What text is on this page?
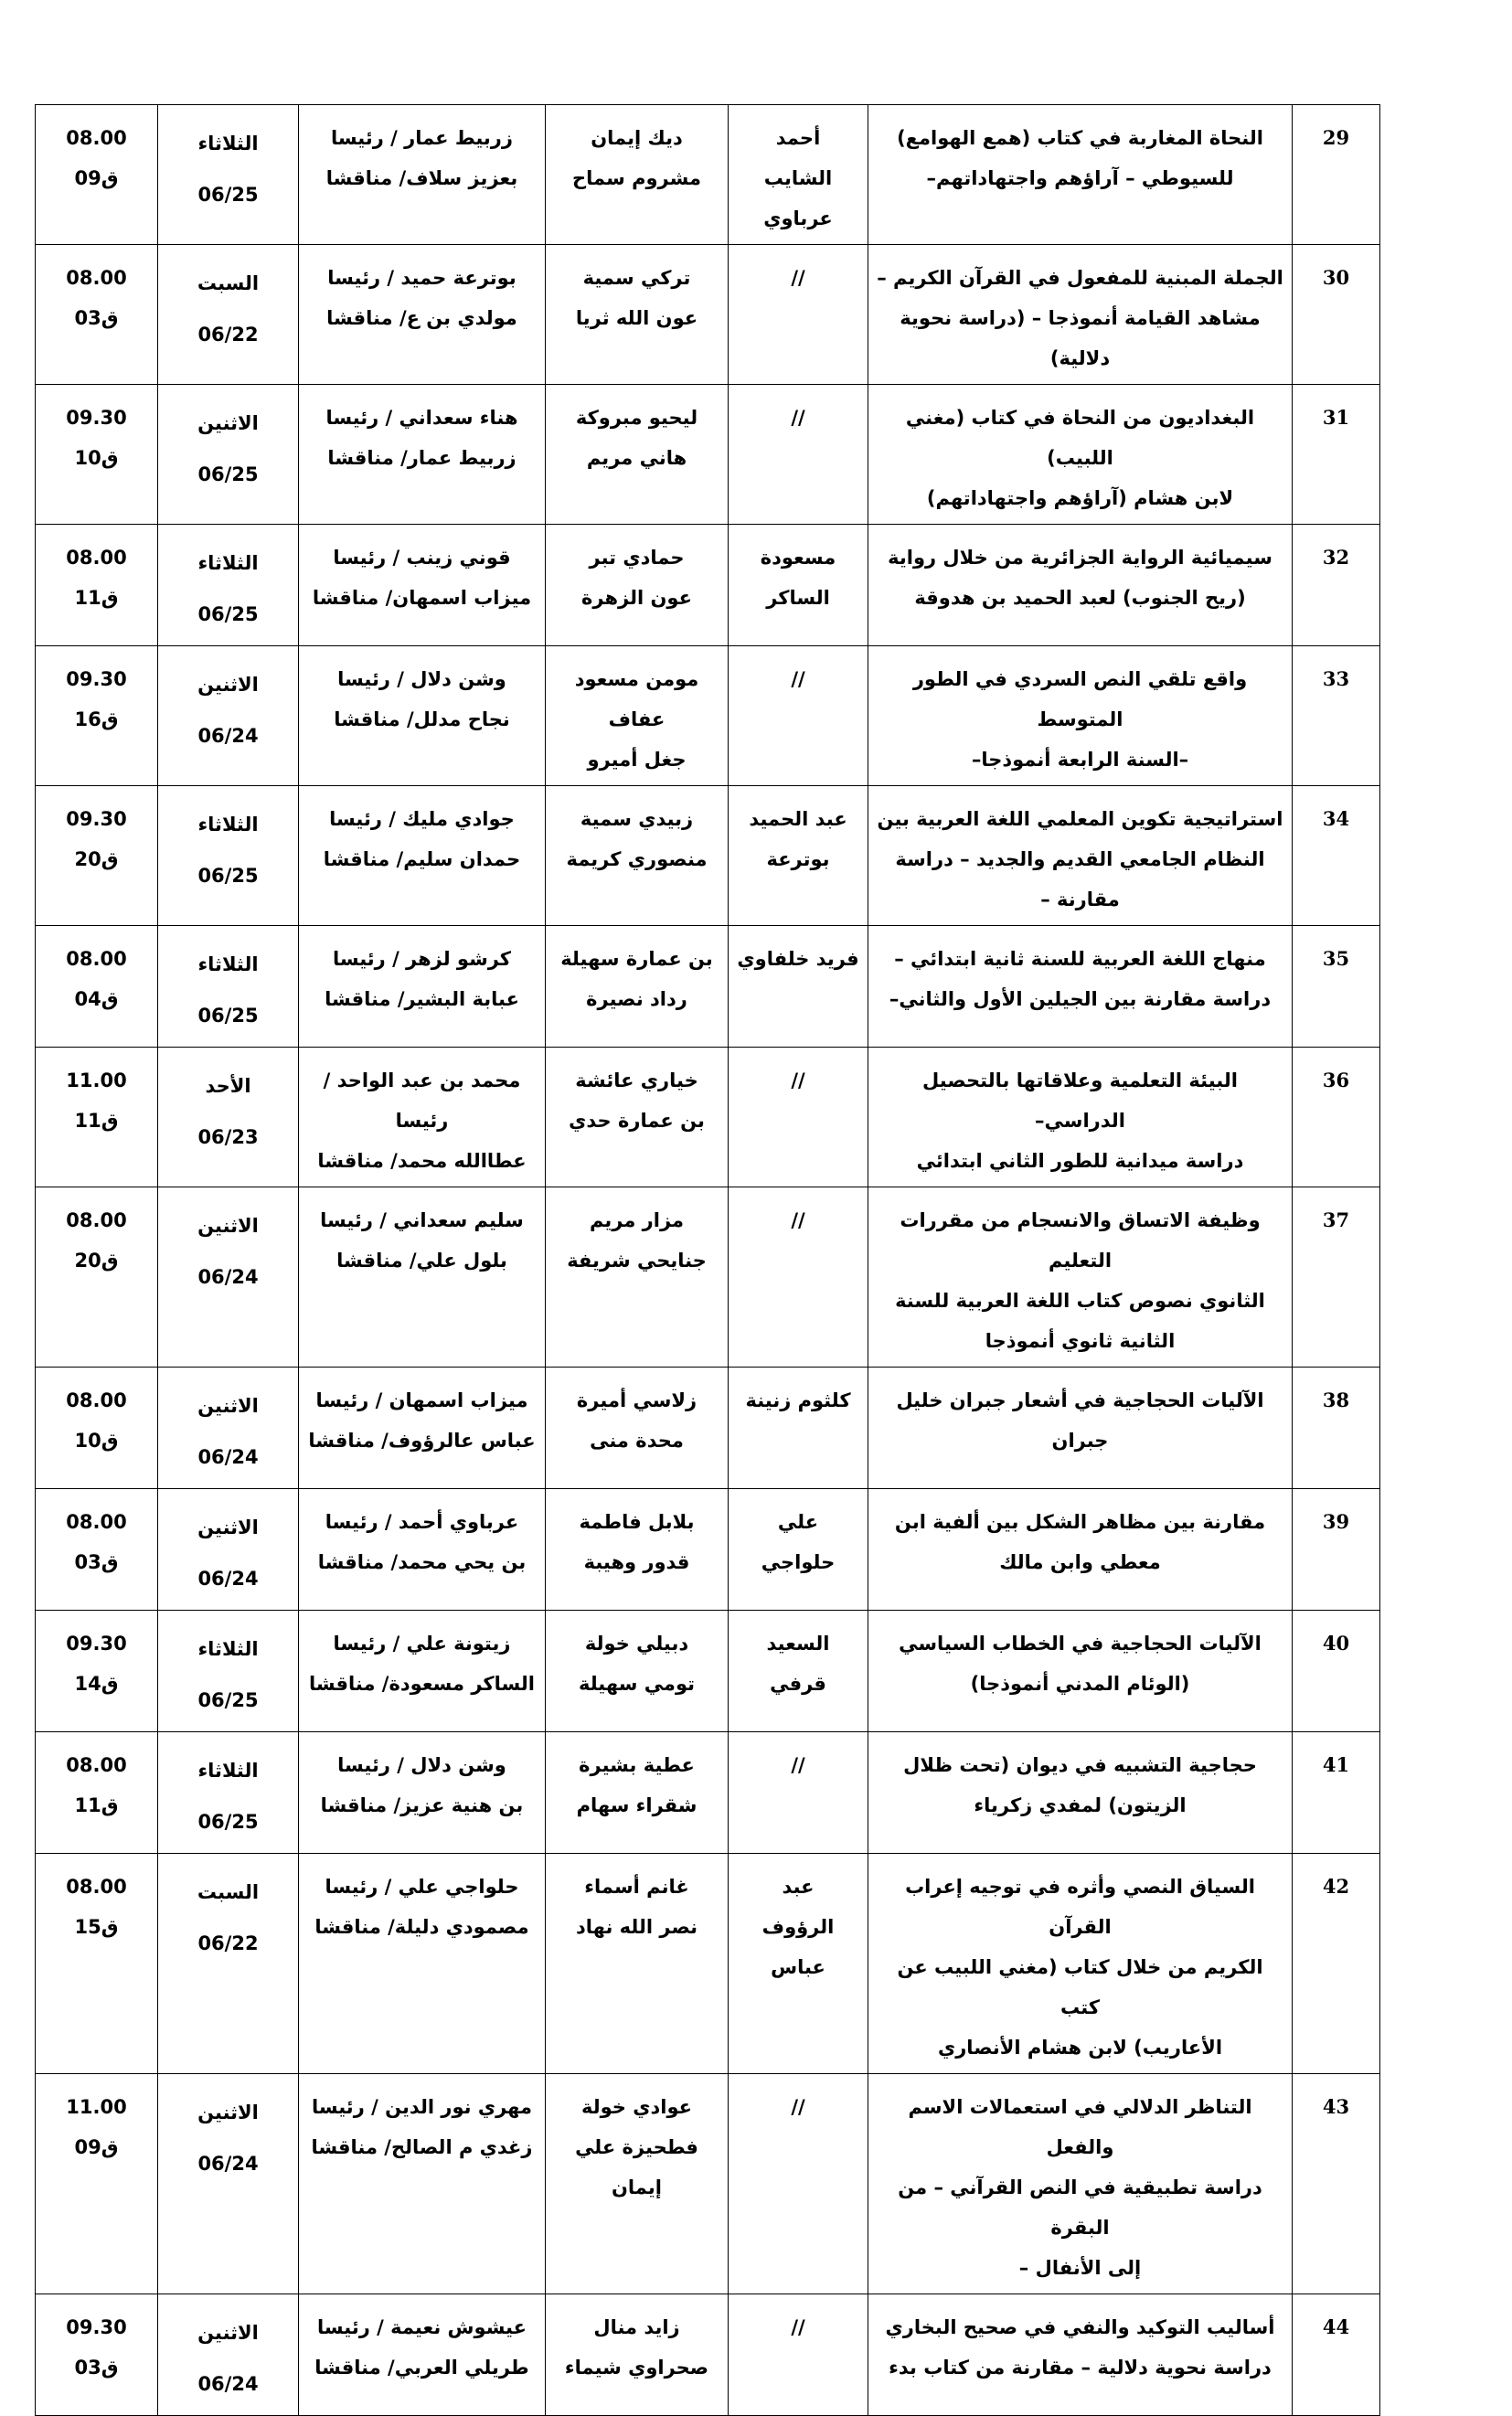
29	النحاة المغاربة في كتاب (همع الهوامع)
للسيوطي – آراؤهم واجتهاداتهم–	أحمد
الشايب
عرباوي	ديك إيمان
مشروم سماح	زربيط عمار / رئيسا
بعزيز سلاف/ مناقشا	الثلاثاء
06/25	08.00
ق09

30	الجملة المبنية للمفعول في القرآن الكريم –
مشاهد القيامة أنموذجا – (دراسة نحوية
دلالية)	//	تركي سمية
عون الله ثريا	بوترعة حميد / رئيسا
مولدي بن ع/ مناقشا	السبت
06/22	08.00
ق03

31	البغداديون من النحاة في كتاب (مغني اللبيب)
لابن هشام (آراؤهم واجتهاداتهم)	//	ليحيو مبروكة
هاني مريم	هناء سعداني / رئيسا
زربيط عمار/ مناقشا	الاثنين
06/25	09.30
ق10

32	سيميائية الرواية الجزائرية من خلال رواية
(ريح الجنوب) لعبد الحميد بن هدوقة	مسعودة
الساكر	حمادي تبر
عون الزهرة	قوني زينب / رئيسا
ميزاب اسمهان/ مناقشا	الثلاثاء
06/25	08.00
ق11

33	واقع تلقي النص السردي في الطور المتوسط
–السنة الرابعة أنموذجا–	//	مومن مسعود
عفاف
جغل أميرو	وشن دلال / رئيسا
نجاح مدلل/ مناقشا	الاثنين
06/24	09.30
ق16

34	استراتيجية تكوين المعلمي اللغة العربية بين
النظام الجامعي القديم والجديد – دراسة
مقارنة –	عبد الحميد
بوترعة	زبيدي سمية
منصوري كريمة	جوادي مليك / رئيسا
حمدان سليم/ مناقشا	الثلاثاء
06/25	09.30
ق20

35	منهاج اللغة العربية للسنة ثانية ابتدائي –
دراسة مقارنة بين الجيلين الأول والثاني–	فريد خلفاوي	بن عمارة سهيلة
رداد نصيرة	كرشو لزهر / رئيسا
عبابة البشير/ مناقشا	الثلاثاء
06/25	08.00
ق04

36	البيئة التعلمية وعلاقاتها بالتحصيل الدراسي–
دراسة ميدانية للطور الثاني ابتدائي	//	خياري عائشة
بن عمارة حدي	محمد بن عبد الواحد /
رئيسا
عطاالله محمد/ مناقشا	الأحد
06/23	11.00
ق11

37	وظيفة الاتساق والانسجام من مقررات التعليم
الثانوي نصوص كتاب اللغة العربية للسنة
الثانية ثانوي أنموذجا	//	مزار مريم
جنايحي شريفة	سليم سعداني / رئيسا
بلول علي/ مناقشا	الاثنين
06/24	08.00
ق20

38	الآليات الحجاجية في أشعار جبران خليل
جبران	كلثوم زنينة	زلاسي أميرة
محدة منى	ميزاب اسمهان / رئيسا
عباس عالرؤوف/ مناقشا	الاثنين
06/24	08.00
ق10

39	مقارنة بين مظاهر الشكل بين ألفية ابن
معطي وابن مالك	علي
حلواجي	بلابل فاطمة
قدور وهيبة	عرباوي أحمد / رئيسا
بن يحي محمد/ مناقشا	الاثنين
06/24	08.00
ق03

40	الآليات الحجاجية في الخطاب السياسي
(الوئام المدني أنموذجا)	السعيد قرفي	دبيلي خولة
تومي سهيلة	زيتونة علي / رئيسا
الساكر مسعودة/ مناقشا	الثلاثاء
06/25	09.30
ق14

41	حجاجية التشبيه في ديوان (تحت ظلال
الزيتون) لمفدي زكرياء	//	عطية بشيرة
شقراء سهام	وشن دلال / رئيسا
بن هنية عزيز/ مناقشا	الثلاثاء
06/25	08.00
ق11

42	السياق النصي وأثره في توجيه إعراب القرآن
الكريم من خلال كتاب (مغني اللبيب عن كتب
الأعاريب) لابن هشام الأنصاري	عبد
الرؤوف
عباس	غانم أسماء
نصر الله نهاد	حلواجي علي / رئيسا
مصمودي دليلة/ مناقشا	السبت
06/22	08.00
ق15

43	التناظر الدلالي في استعمالات الاسم والفعل
دراسة تطبيقية في النص القرآني – من البقرة
إلى الأنفال –	//	عوادي خولة
فطحيزة علي
إيمان	مهري نور الدين / رئيسا
زغدي م الصالح/ مناقشا	الاثنين
06/24	11.00
ق09

44	أساليب التوكيد والنفي في صحيح البخاري
دراسة نحوية دلالية – مقارنة من كتاب بدء	//	زايد منال
صحراوي شيماء	عيشوش نعيمة / رئيسا
طريلي العربي/ مناقشا	الاثنين
06/24	09.30
ق03
